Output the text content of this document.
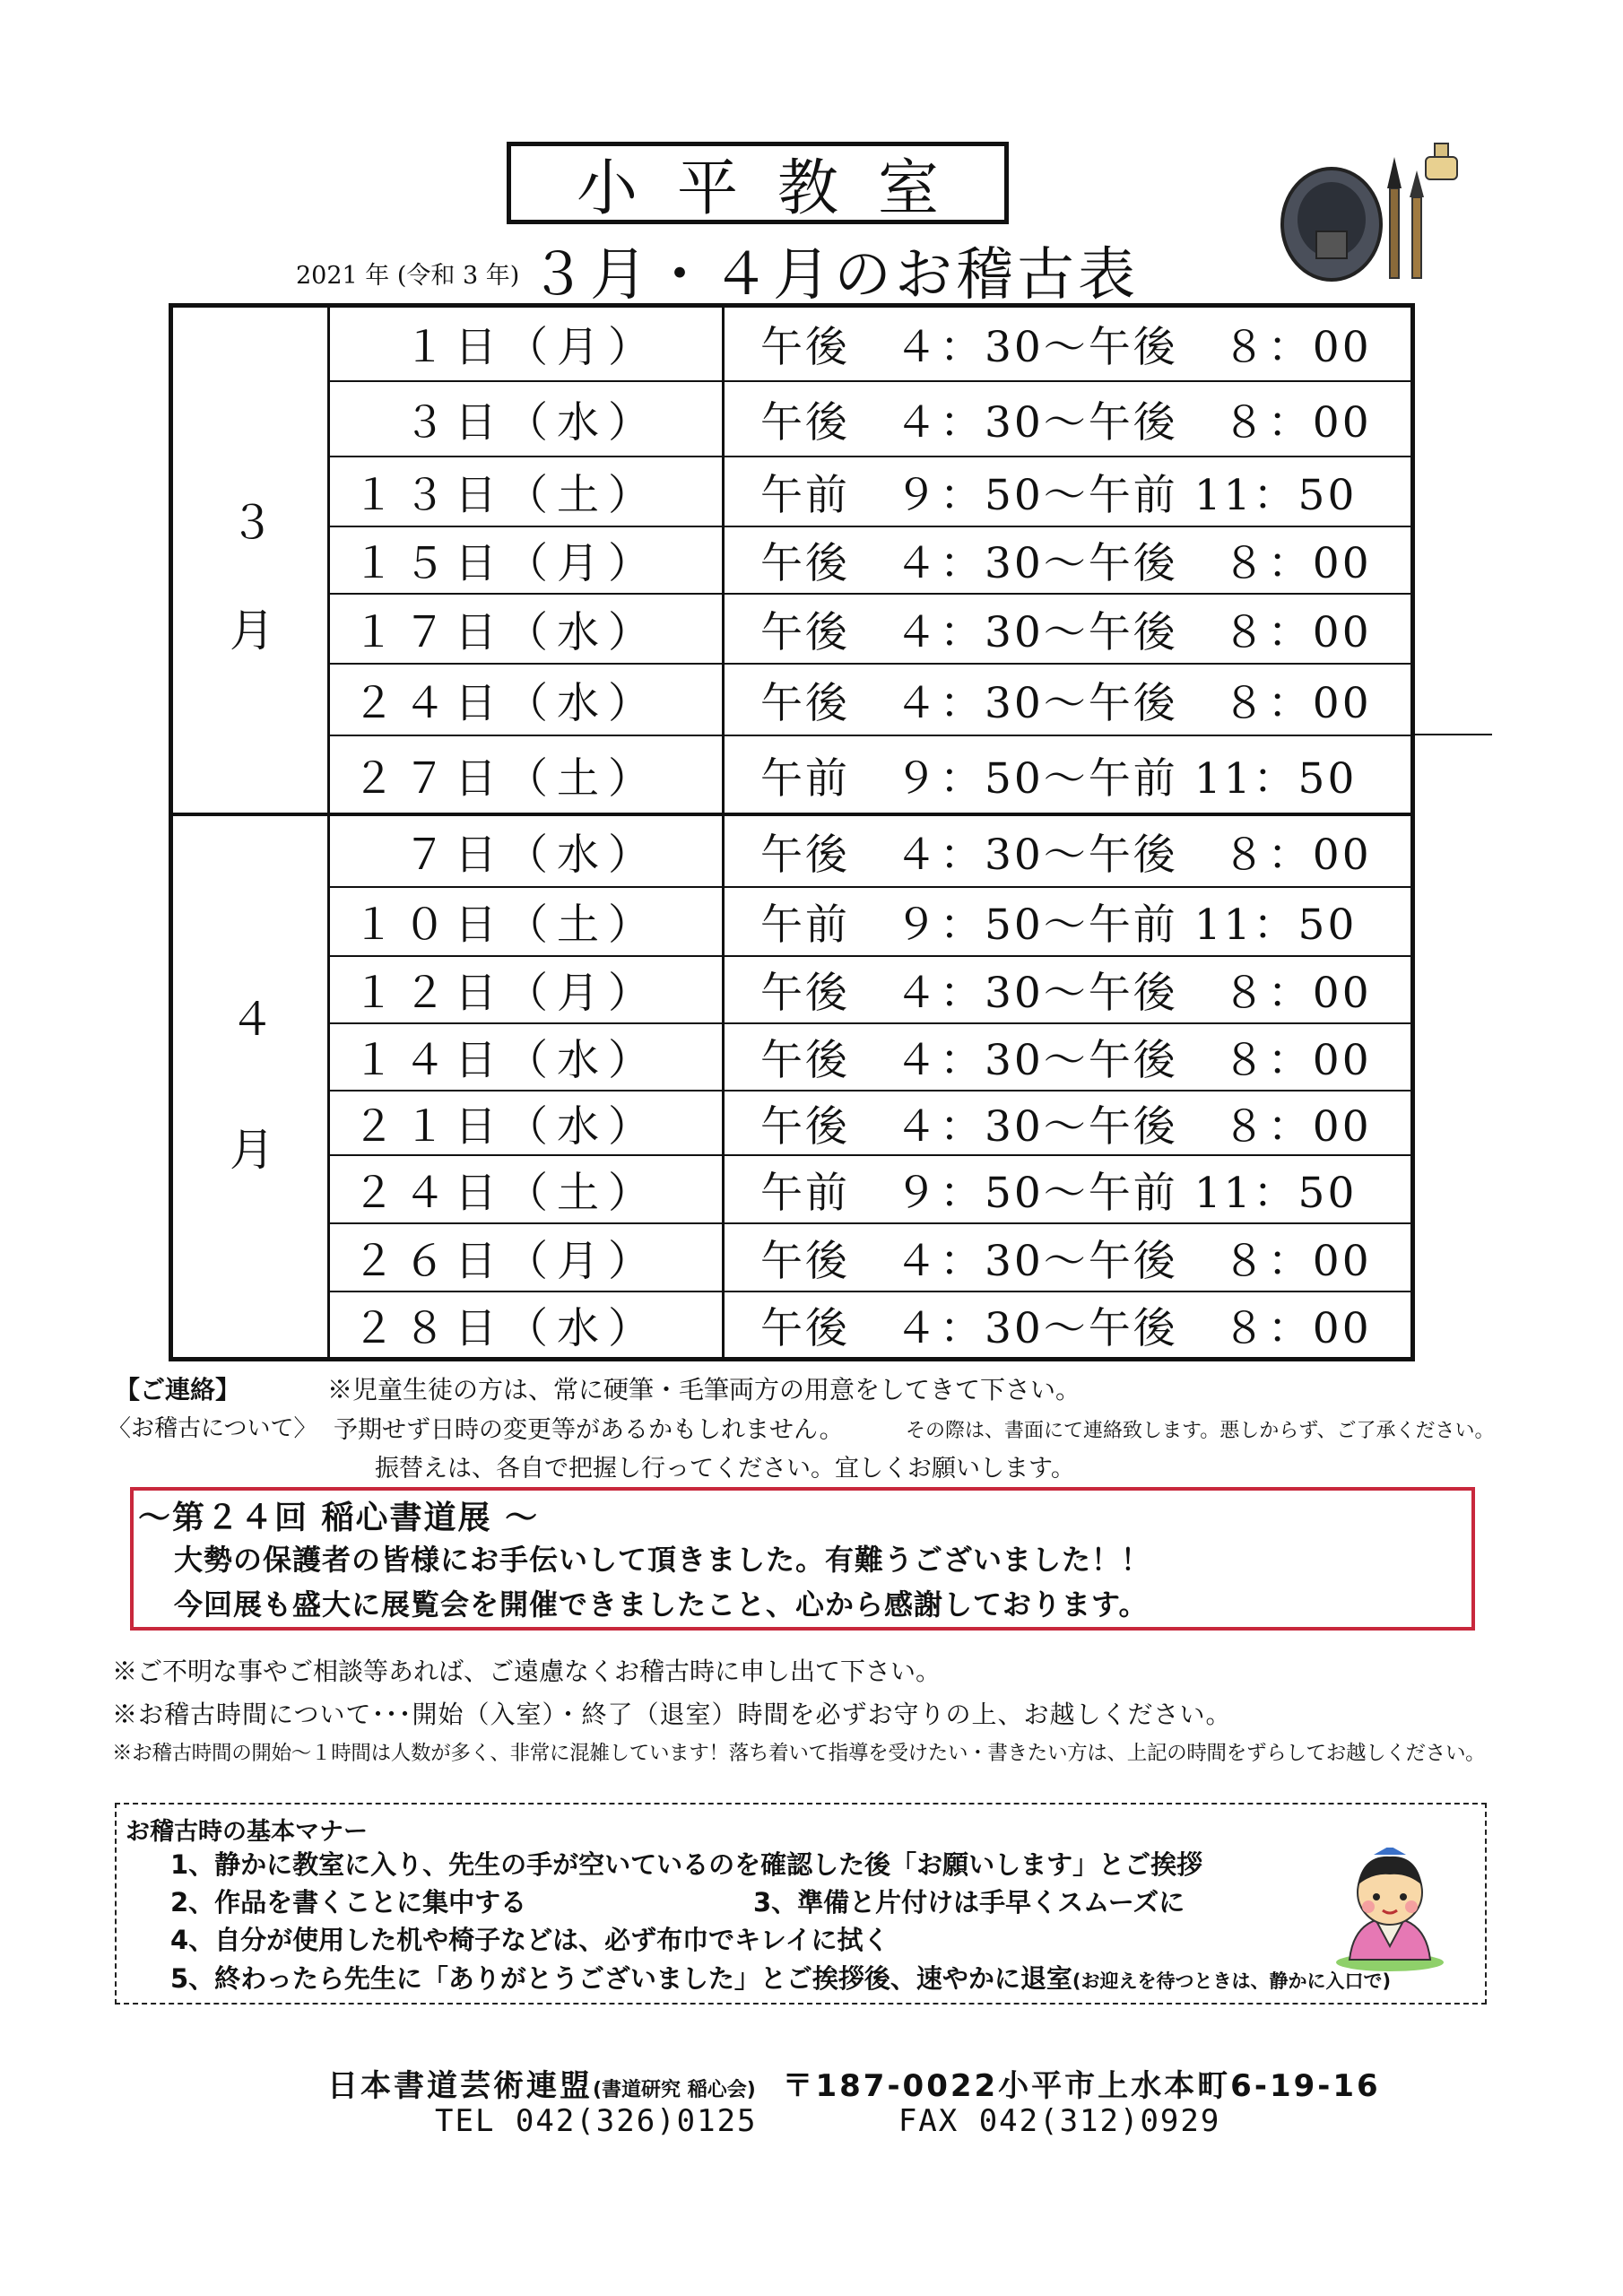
小平教室
2021 年 (令和 3 年) ３月・４月のお稽古表
３ 月
１日（月）	午後　４：30〜午後　８：00
３日（水）	午後　４：30〜午後　８：00
１３日（土）	午前　９：50〜午前 11：50
１５日（月）	午後　４：30〜午後　８：00
１７日（水）	午後　４：30〜午後　８：00
２４日（水）	午後　４：30〜午後　８：00
２７日（土）	午前　９：50〜午前 11：50
４ 月
７日（水）	午後　４：30〜午後　８：00
１０日（土）	午前　９：50〜午前 11：50
１２日（月）	午後　４：30〜午後　８：00
１４日（水）	午後　４：30〜午後　８：00
２１日（水）	午後　４：30〜午後　８：00
２４日（土）	午前　９：50〜午前 11：50
２６日（月）	午後　４：30〜午後　８：00
２８日（水）	午後　４：30〜午後　８：00
【ご連絡】	※児童生徒の方は、常に硬筆・毛筆両方の用意をしてきて下さい。
〈お稽古について〉 予期せず日時の変更等があるかもしれません。	その際は、書面にて連絡致します。悪しからず、ご了承ください。
振替えは、各自で把握し行ってください。宜しくお願いします。
〜第２４回 稲心書道展 〜
大勢の保護者の皆様にお手伝いして頂きました。有難うございました！！
今回展も盛大に展覧会を開催できましたこと、心から感謝しております。
※ご不明な事やご相談等あれば、ご遠慮なくお稽古時に申し出て下さい。
※お稽古時間について･･･開始（入室）・終了（退室）時間を必ずお守りの上、お越しください。
※お稽古時間の開始〜１時間は人数が多く、非常に混雑しています！落ち着いて指導を受けたい・書きたい方は、上記の時間をずらしてお越しください。
お稽古時の基本マナー
1、静かに教室に入り、先生の手が空いているのを確認した後「お願いします」とご挨拶
2、作品を書くことに集中する	3、準備と片付けは手早くスムーズに
4、自分が使用した机や椅子などは、必ず布巾でキレイに拭く
5、終わったら先生に「ありがとうございました」とご挨拶後、速やかに退室(お迎えを待つときは、静かに入口で)
日本書道芸術連盟(書道研究 稲心会) 〒187-0022小平市上水本町6-19-16
TEL 042(326)0125	FAX 042(312)0929
